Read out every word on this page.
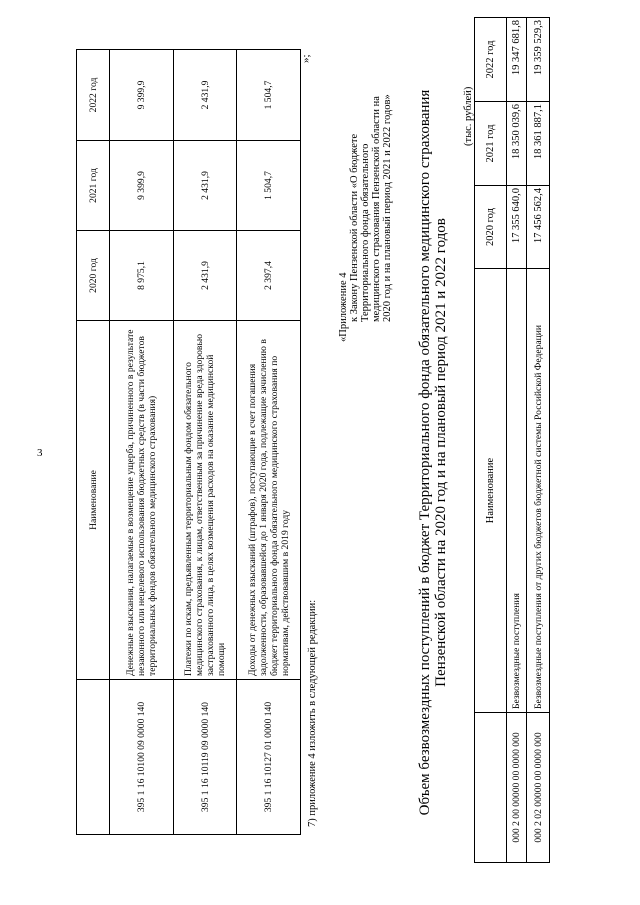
3
	Наименование	2020 год	2021 год	2022 год
395 1 16 10100 09 0000 140	Денежные взыскания, налагаемые в возмещение ущерба, причиненного в результате незаконного или нецелевого использования бюджетных средств (в части бюджетов территориальных фондов обязательного медицинского страхования)	8 975,1	9 399,9	9 399,9
395 1 16 10119 09 0000 140	Платежи по искам, предъявленным территориальным фондом обязательного медицинского страхования, к лицам, ответственным за причинение вреда здоровью застрахованного лица, в целях возмещения расходов на оказание медицинской помощи	2 431,9	2 431,9	2 431,9
395 1 16 10127 01 0000 140	Доходы от денежных взысканий (штрафов), поступающие в счет погашения задолженности, образовавшейся до 1 января 2020 года, подлежащие зачислению в бюджет территориального фонда обязательного медицинского страхования по нормативам, действовавшим в 2019 году	2 397,4	1 504,7	1 504,7
»;
7) приложение 4 изложить в следующей редакции:
«Приложение 4 к Закону Пензенской области «О бюджете Территориального фонда обязательного медицинского страхования Пензенской области на 2020 год и на плановый период 2021 и 2022 годов» Объем безвозмездных поступлений в бюджет Территориального фонда обязательного медицинского страхования Пензенской области на 2020 год и на плановый период 2021 и 2022 годов
(тыс. рублей)
	Наименование	2020 год	2021 год	2022 год
000 2 00 00000 00 0000 000	Безвозмездные поступления	17 355 640,0	18 350 039,6	19 347 681,8
000 2 02 00000 00 0000 000	Безвозмездные поступления от других бюджетов бюджетной системы Российской Федерации	17 456 562,4	18 361 887,1	19 359 529,3
